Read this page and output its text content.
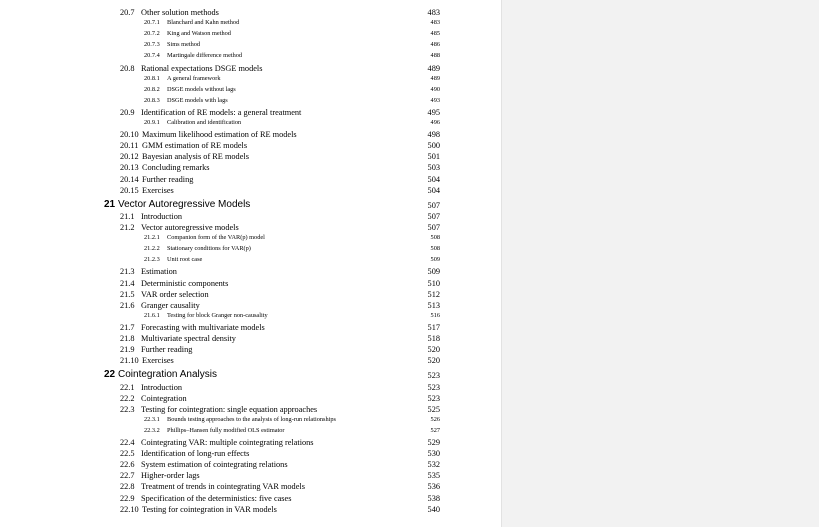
20.7 Other solution methods	483
20.7.1 Blanchard and Kahn method	483
20.7.2 King and Watson method	485
20.7.3 Sims method	486
20.7.4 Martingale difference method	488
20.8 Rational expectations DSGE models	489
20.8.1 A general framework	489
20.8.2 DSGE models without lags	490
20.8.3 DSGE models with lags	493
20.9 Identification of RE models: a general treatment	495
20.9.1 Calibration and identification	496
20.10 Maximum likelihood estimation of RE models	498
20.11 GMM estimation of RE models	500
20.12 Bayesian analysis of RE models	501
20.13 Concluding remarks	503
20.14 Further reading	504
20.15 Exercises	504
21 Vector Autoregressive Models	507
21.1 Introduction	507
21.2 Vector autoregressive models	507
21.2.1 Companion form of the VAR(p) model	508
21.2.2 Stationary conditions for VAR(p)	508
21.2.3 Unit root case	509
21.3 Estimation	509
21.4 Deterministic components	510
21.5 VAR order selection	512
21.6 Granger causality	513
21.6.1 Testing for block Granger non-causality	516
21.7 Forecasting with multivariate models	517
21.8 Multivariate spectral density	518
21.9 Further reading	520
21.10 Exercises	520
22 Cointegration Analysis	523
22.1 Introduction	523
22.2 Cointegration	523
22.3 Testing for cointegration: single equation approaches	525
22.3.1 Bounds testing approaches to the analysis of long-run relationships	526
22.3.2 Phillips–Hansen fully modified OLS estimator	527
22.4 Cointegrating VAR: multiple cointegrating relations	529
22.5 Identification of long-run effects	530
22.6 System estimation of cointegrating relations	532
22.7 Higher-order lags	535
22.8 Treatment of trends in cointegrating VAR models	536
22.9 Specification of the deterministics: five cases	538
22.10 Testing for cointegration in VAR models	540
